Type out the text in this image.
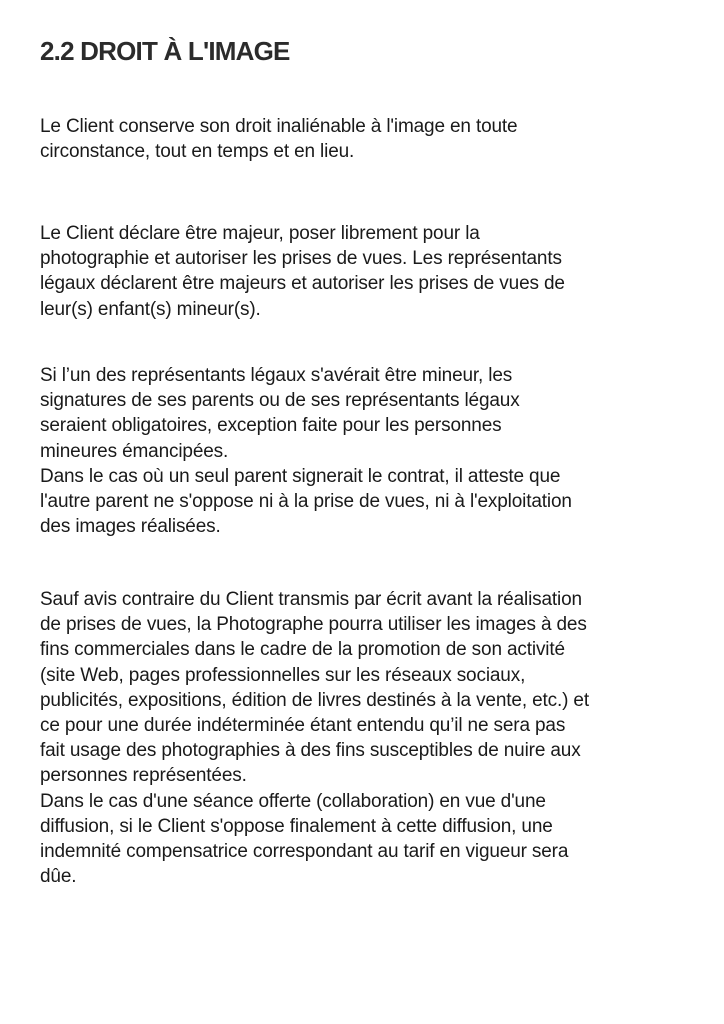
2.2 DROIT À L'IMAGE

Le Client conserve son droit inaliénable à l'image en toute
circonstance, tout en temps et en lieu.

Le Client déclare être majeur, poser librement pour la
photographie et autoriser les prises de vues. Les représentants
légaux déclarent être majeurs et autoriser les prises de vues de
leur(s) enfant(s) mineur(s).

Si l’un des représentants légaux s'avérait être mineur, les
signatures de ses parents ou de ses représentants légaux
seraient obligatoires, exception faite pour les personnes
mineures émancipées.
Dans le cas où un seul parent signerait le contrat, il atteste que
l'autre parent ne s'oppose ni à la prise de vues, ni à l'exploitation
des images réalisées.

Sauf avis contraire du Client transmis par écrit avant la réalisation
de prises de vues, la Photographe pourra utiliser les images à des
fins commerciales dans le cadre de la promotion de son activité
(site Web, pages professionnelles sur les réseaux sociaux,
publicités, expositions, édition de livres destinés à la vente, etc.) et
ce pour une durée indéterminée étant entendu qu’il ne sera pas
fait usage des photographies à des fins susceptibles de nuire aux
personnes représentées.
Dans le cas d'une séance offerte (collaboration) en vue d'une
diffusion, si le Client s'oppose finalement à cette diffusion, une
indemnité compensatrice correspondant au tarif en vigueur sera
dûe.
